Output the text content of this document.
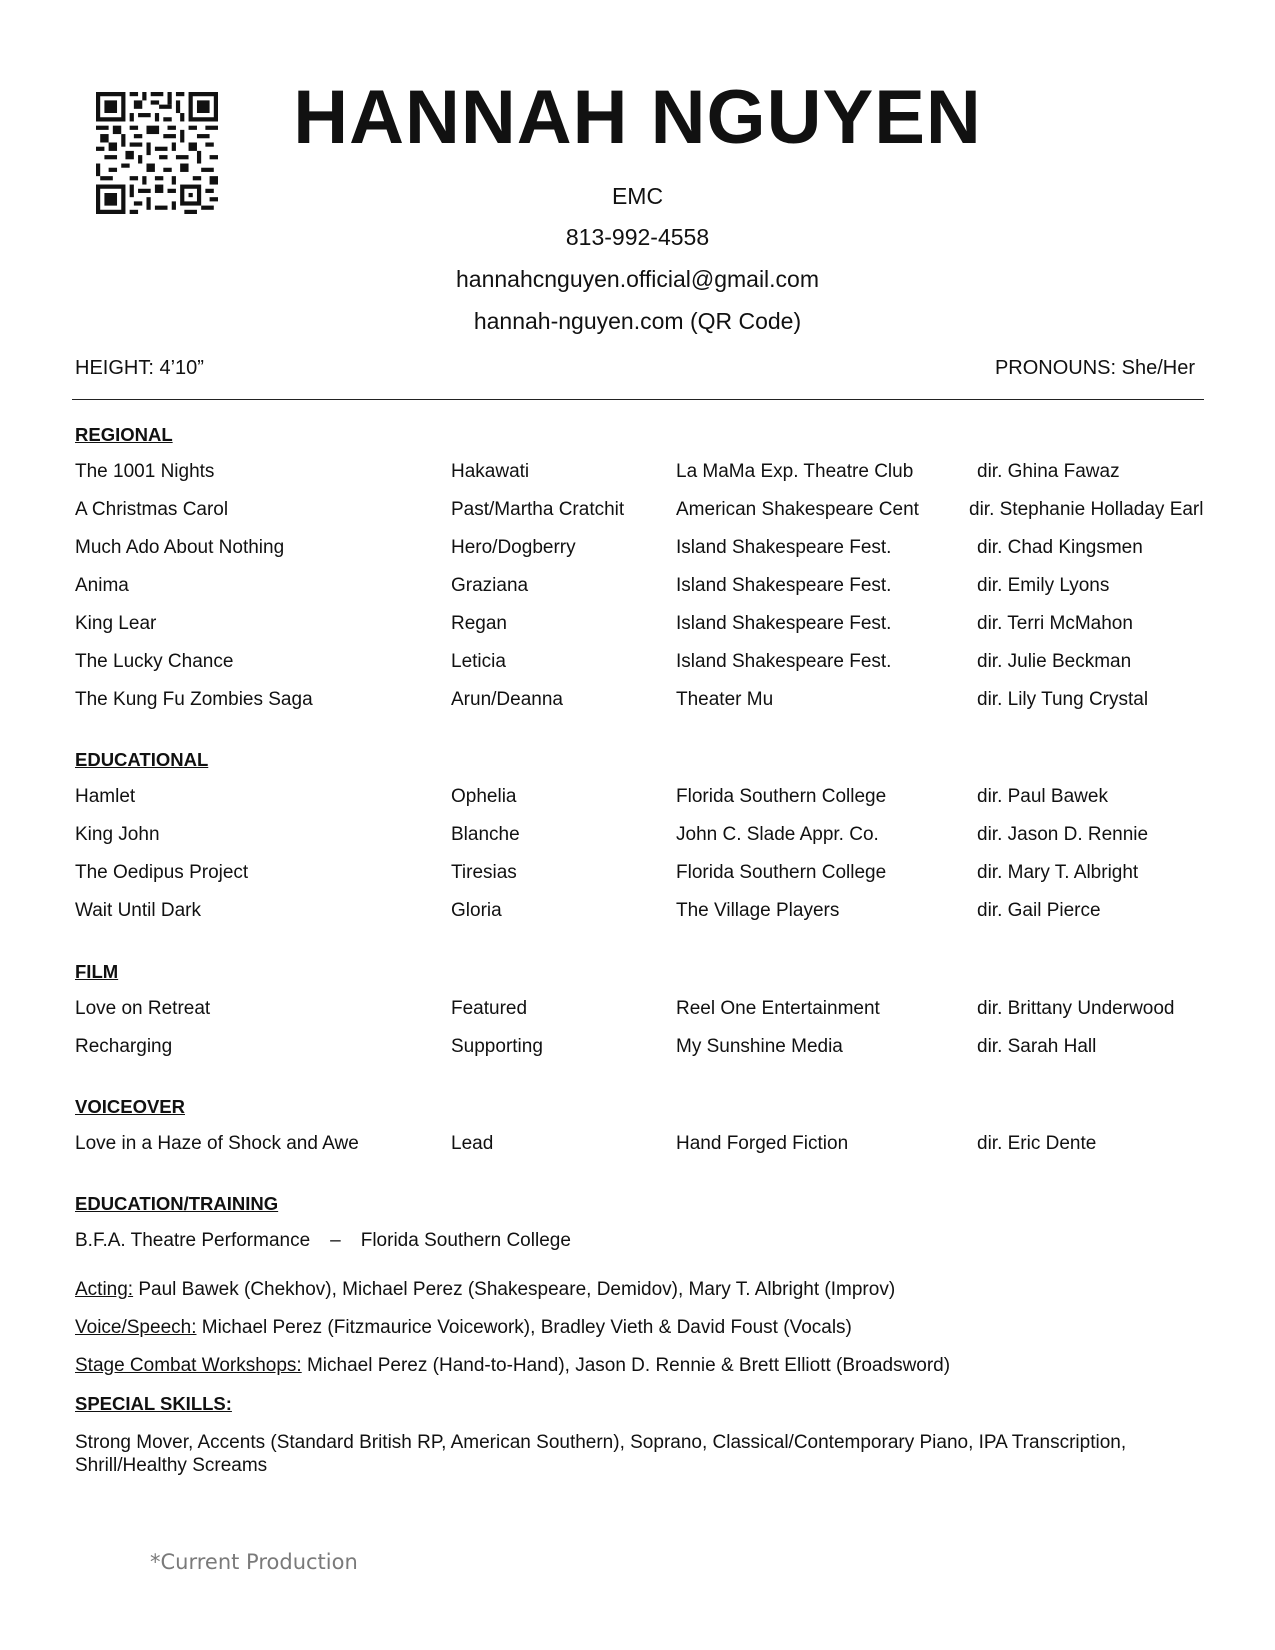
HANNAH NGUYEN
EMC
813-992-4558
hannahcnguyen.official@gmail.com
hannah-nguyen.com (QR Code)
HEIGHT: 4’10”	PRONOUNS: She/Her
REGIONAL
The 1001 Nights	Hakawati	La MaMa Exp. Theatre Club	dir. Ghina Fawaz
A Christmas Carol	Past/Martha Cratchit	American Shakespeare Cent	dir. Stephanie Holladay Earl
Much Ado About Nothing	Hero/Dogberry	Island Shakespeare Fest.	dir. Chad Kingsmen
Anima	Graziana	Island Shakespeare Fest.	dir. Emily Lyons
King Lear	Regan	Island Shakespeare Fest.	dir. Terri McMahon
The Lucky Chance	Leticia	Island Shakespeare Fest.	dir. Julie Beckman
The Kung Fu Zombies Saga	Arun/Deanna	Theater Mu	dir. Lily Tung Crystal
EDUCATIONAL
Hamlet	Ophelia	Florida Southern College	dir. Paul Bawek
King John	Blanche	John C. Slade Appr. Co.	dir. Jason D. Rennie
The Oedipus Project	Tiresias	Florida Southern College	dir. Mary T. Albright
Wait Until Dark	Gloria	The Village Players	dir. Gail Pierce
FILM
Love on Retreat	Featured	Reel One Entertainment	dir. Brittany Underwood
Recharging	Supporting	My Sunshine Media	dir. Sarah Hall
VOICEOVER
Love in a Haze of Shock and Awe	Lead	Hand Forged Fiction	dir. Eric Dente
EDUCATION/TRAINING
B.F.A. Theatre Performance – Florida Southern College
Acting: Paul Bawek (Chekhov), Michael Perez (Shakespeare, Demidov), Mary T. Albright (Improv)
Voice/Speech: Michael Perez (Fitzmaurice Voicework), Bradley Vieth & David Foust (Vocals)
Stage Combat Workshops: Michael Perez (Hand-to-Hand), Jason D. Rennie & Brett Elliott (Broadsword)
SPECIAL SKILLS:
Strong Mover, Accents (Standard British RP, American Southern), Soprano, Classical/Contemporary Piano, IPA Transcription,
Shrill/Healthy Screams
*Current Production
